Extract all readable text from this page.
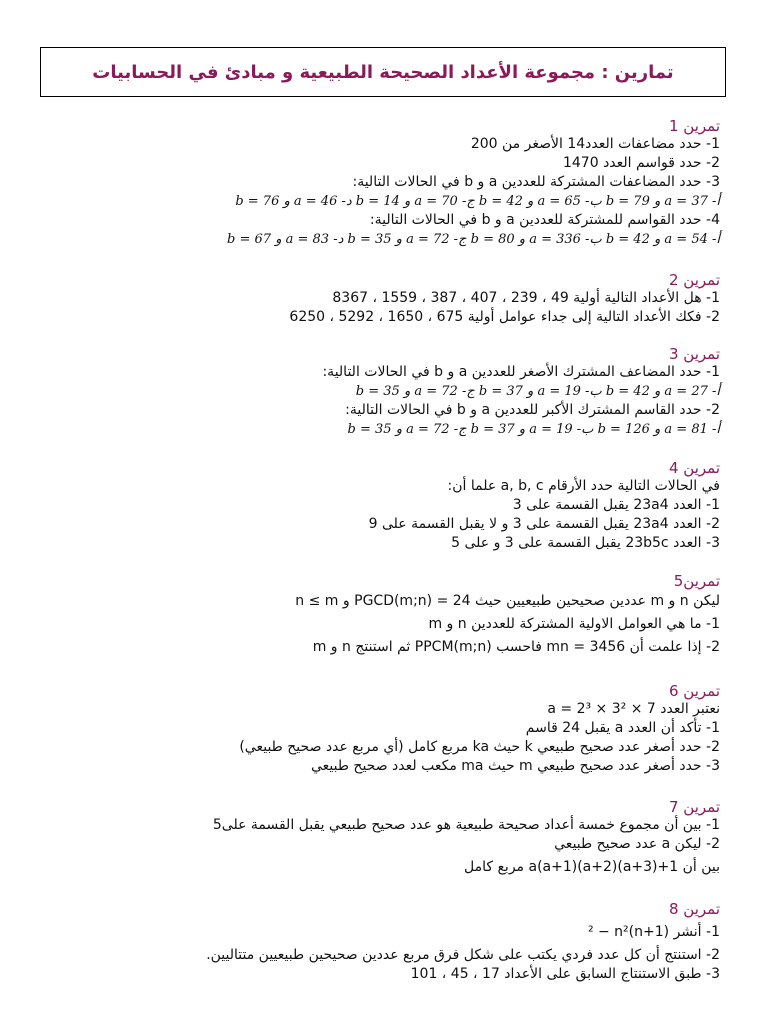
تمارين : مجموعة الأعداد الصحيحة الطبيعية و مبادئ في الحسابيات
تمرين 1
1- حدد مضاعفات العدد14 الأصغر من 200
2- حدد قواسم العدد 1470
3- حدد المضاعفات المشتركة للعددين a و b في الحالات التالية:
أ- a = 37 و b = 79 ب- a = 65 و b = 42 ج- a = 70 و b = 14 د- a = 46 و b = 76
4- حدد القواسم للمشتركة للعددين a و b في الحالات التالية:
أ- a = 54 و b = 42 ب- a = 336 و b = 80 ج- a = 72 و b = 35 د- a = 83 و b = 67
تمرين 2
1- هل الأعداد التالية أولية 49 ، 239 ، 407 ، 387 ، 1559 ، 8367
2- فكك الأعداد التالية إلى جداء عوامل أولية 675 ، 1650 ، 5292 ، 6250
تمرين 3
1- حدد المضاعف المشترك الأصغر للعددين a و b في الحالات التالية:
أ- a = 27 و b = 42 ب- a = 19 و b = 37 ج- a = 72 و b = 35
2- حدد القاسم المشترك الأكبر للعددين a و b في الحالات التالية:
أ- a = 81 و b = 126 ب- a = 19 و b = 37 ج- a = 72 و b = 35
تمرين 4
في الحالات التالية حدد الأرقام a, b, c علما أن:
1- العدد 23a4 يقبل القسمة على 3
2- العدد 23a4 يقبل القسمة على 3 و لا يقبل القسمة على 9
3- العدد 23b5c يقبل القسمة على 3 و على 5
تمرين5
ليكن n و m عددين صحيحين طبيعيين حيث PGCD(m;n) = 24 و n ≤ m
1- ما هي العوامل الاولية المشتركة للعددين n و m
2- إذا علمت أن mn = 3456 فاحسب PPCM(m;n) ثم استنتج n و m
تمرين 6
نعتبر العدد a = 2³ × 3² × 7
1- تأكد أن العدد a يقبل 24 قاسم
2- حدد أصغر عدد صحيح طبيعي k حيث ka مربع كامل (أي مربع عدد صحيح طبيعي)
3- حدد أصغر عدد صحيح طبيعي m حيث ma مكعب لعدد صحيح طبيعي
تمرين 7
1- بين أن مجموع خمسة أعداد صحيحة طبيعية هو عدد صحيح طبيعي يقبل القسمة على5
2- ليكن a عدد صحيح طبيعي
بين أن a(a+1)(a+2)(a+3)+1 مربع كامل
تمرين 8
1- أنشر (n+1)² − n²
2- استنتج أن كل عدد فردي يكتب على شكل فرق مربع عددين صحيحين طبيعيين متتاليين.
3- طبق الاستنتاج السابق على الأعداد 17 ، 45 ، 101
